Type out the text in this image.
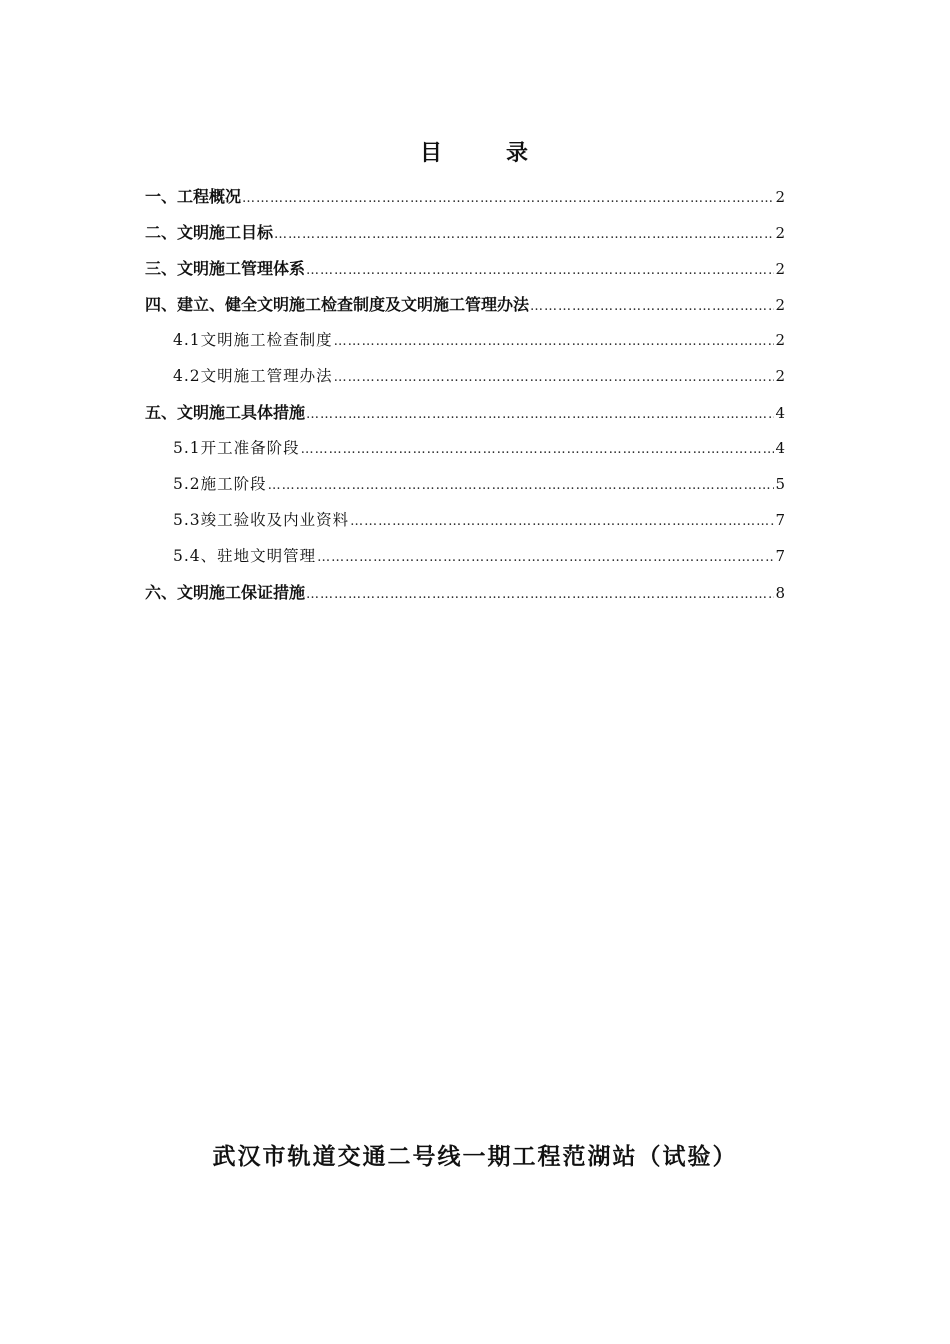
目	录
一、 工程概况 …………………………………………………………………………………………………………………………………………………………………………………………………………………………………………………	2
二、 文明施工目标 …………………………………………………………………………………………………………………………………………………………………………………………………………………………………………………	2
三、 文明施工管理体系 …………………………………………………………………………………………………………………………………………………………………………………………………………………………………………………	2
四、 建立、健全文明施工检查制度及文明施工管理办法 …………………………………………………………………………………………………………………………………………………………………………………………………………………………………………………	2
4.1 文明施工检查制度 …………………………………………………………………………………………………………………………………………………………………………………………………………………………………………………	2
4.2 文明施工管理办法 …………………………………………………………………………………………………………………………………………………………………………………………………………………………………………………	2
五、 文明施工具体措施 …………………………………………………………………………………………………………………………………………………………………………………………………………………………………………………	4
5.1 开工准备阶段 …………………………………………………………………………………………………………………………………………………………………………………………………………………………………………………	4
5.2 施工阶段 …………………………………………………………………………………………………………………………………………………………………………………………………………………………………………………	5
5.3 竣工验收及内业资料 …………………………………………………………………………………………………………………………………………………………………………………………………………………………………………………	7
5.4、 驻地文明管理 …………………………………………………………………………………………………………………………………………………………………………………………………………………………………………………	7
六、 文明施工保证措施 …………………………………………………………………………………………………………………………………………………………………………………………………………………………………………………	8
武汉市轨道交通二号线一期工程范湖站（试验）
